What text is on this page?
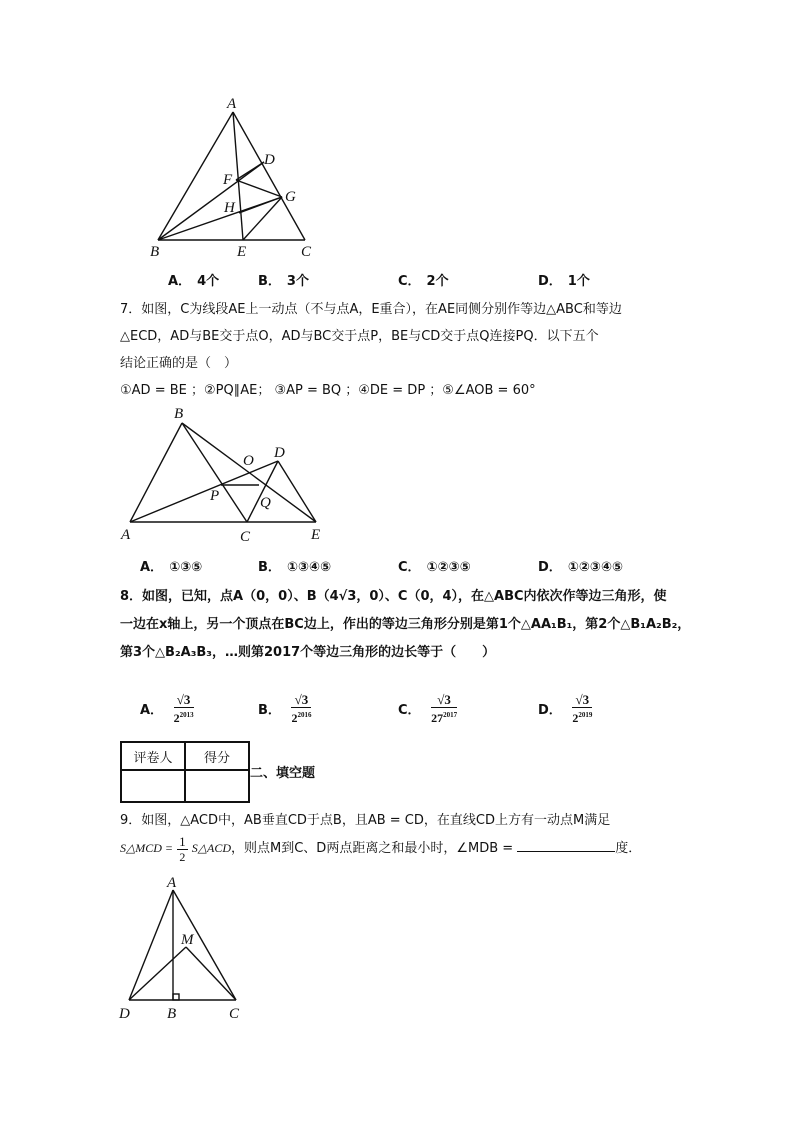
A
D
F
G
H
B	E	C
A． 4个	B． 3个	C． 2个	D． 1个
7．如图，C为线段AE上一动点（不与点A，E重合），在AE同侧分别作等边△ABC和等边
△ECD，AD与BE交于点O，AD与BC交于点P，BE与CD交于点Q连接PQ．以下五个
结论正确的是（　）
①AD = BE ；②PQ∥AE； ③AP = BQ ；④DE = DP ；⑤∠AOB = 60°
B
D
O
P	Q
A	C	E
A． ①③⑤	B． ①③④⑤	C． ①②③⑤	D． ①②③④⑤
8．如图，已知，点A（0，0）、B（4√3，0）、C（0，4），在△ABC内依次作等边三角形，使
一边在x轴上，另一个顶点在BC边上，作出的等边三角形分别是第1个△AA₁B₁，第2个△B₁A₂B₂，
第3个△B₂A₃B₃，…则第2017个等边三角形的边长等于（　　）
A． $\frac{√3}{2^{2013}}$	B． $\frac{√3}{2^{2016}}$	C． $\frac{√3}{27^{2017}}$	D． $\frac{√3}{2^{2019}}$
评卷人	得分

二、填空题
9．如图，△ACD中，AB垂直CD于点B，且AB = CD，在直线CD上方有一动点M满足
S△MCD = $\frac{1}{2}$ S△ACD，则点M到C、D两点距离之和最小时，∠MDB =	度．
A
M
D B	C
